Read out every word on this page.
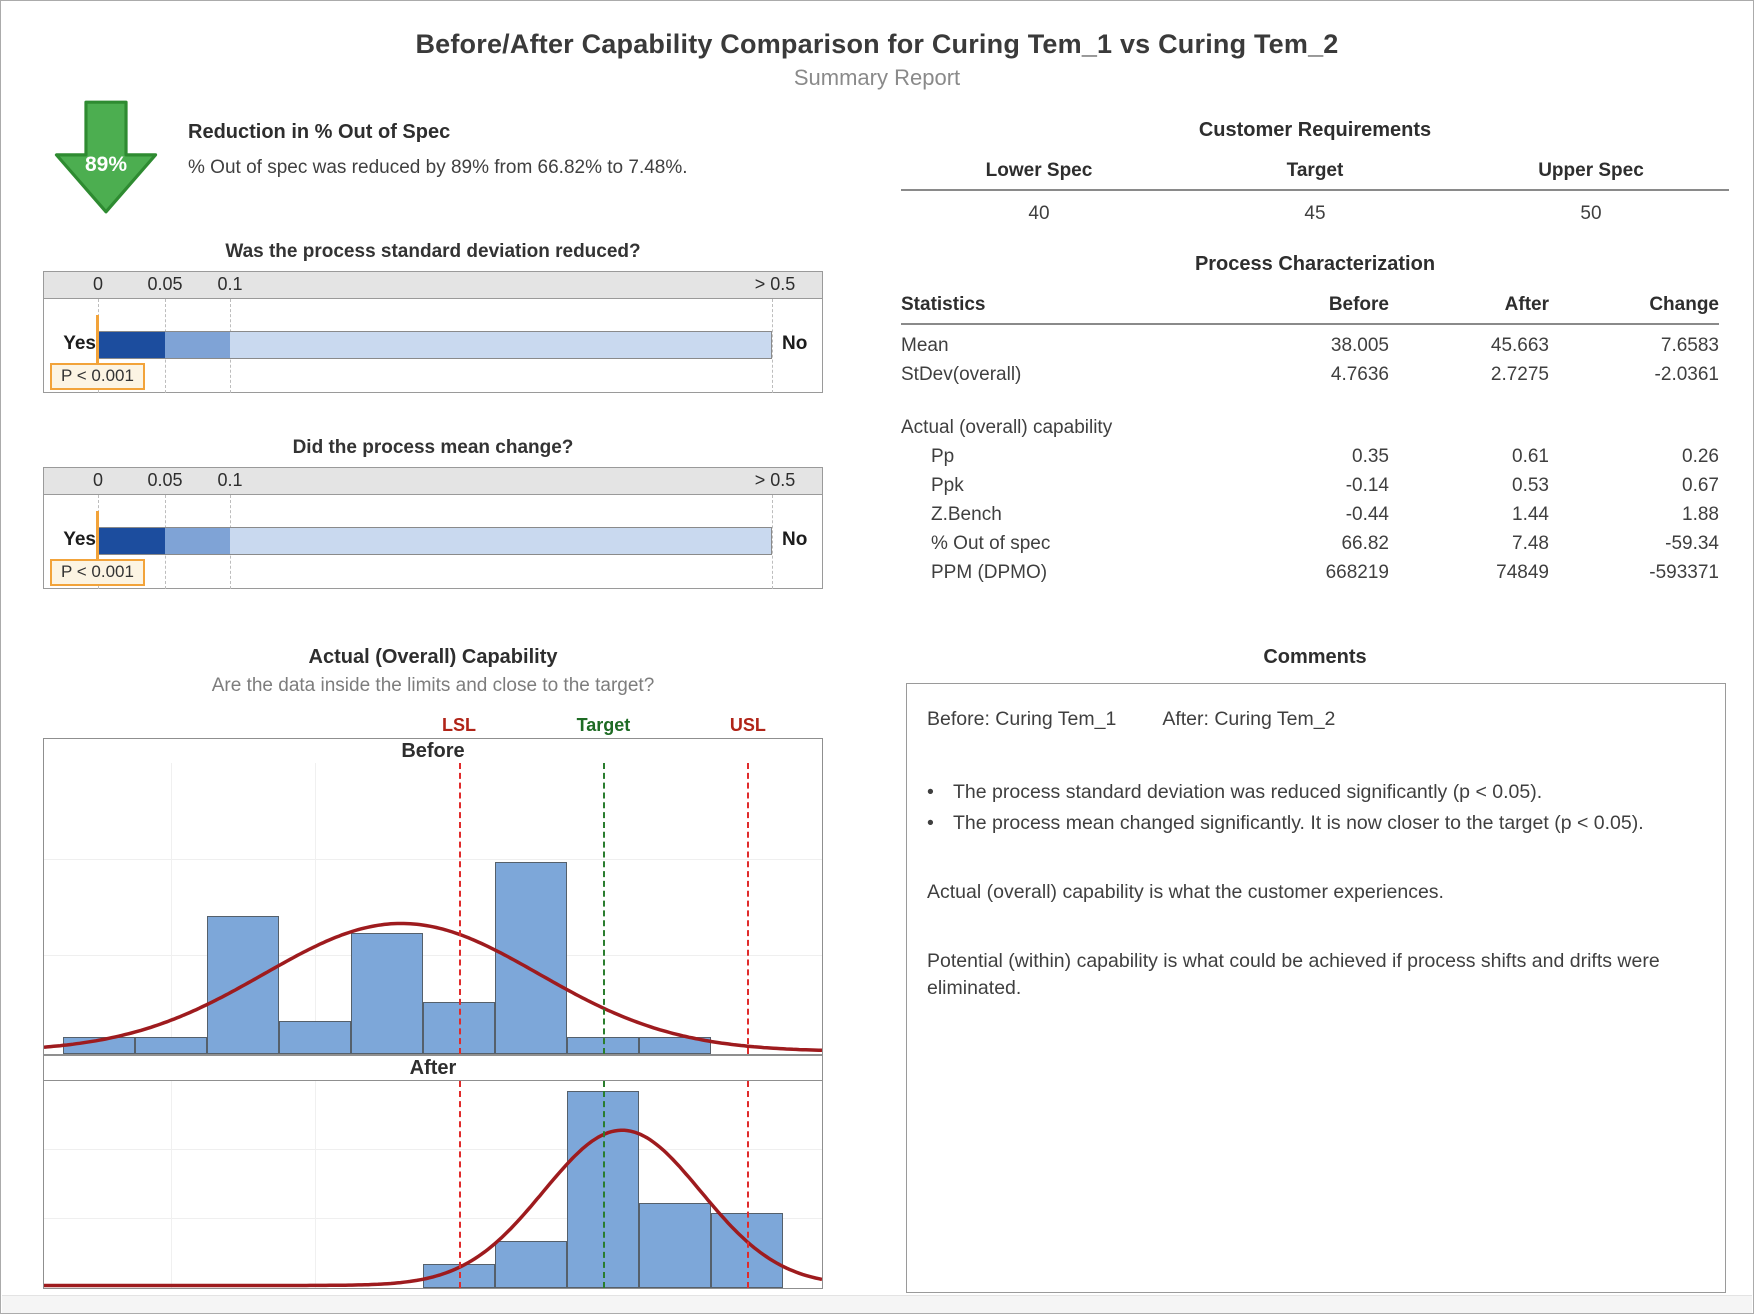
Before/After Capability Comparison for Curing Tem_1 vs Curing Tem_2
Summary Report
89%
Reduction in % Out of Spec
% Out of spec was reduced by 89% from 66.82% to 7.48%.
Was the process standard deviation reduced?
0 0.05 0.1	> 0.5
Yes	No
P < 0.001
Did the process mean change?
0 0.05 0.1	> 0.5
Yes	No
P < 0.001
Actual (Overall) Capability
Are the data inside the limits and close to the target?
LSL	Target	USL
Before
After
Customer Requirements
Lower Spec	Target	Upper Spec
40	45	50
Process Characterization
Statistics	Before	After	Change
Mean	38.005	45.663	7.6583
StDev(overall)	4.7636	2.7275	-2.0361
Actual (overall) capability
Pp	0.35	0.61	0.26
Ppk	-0.14	0.53	0.67
Z.Bench	-0.44	1.44	1.88
% Out of spec	66.82	7.48	-59.34
PPM (DPMO)	668219	74849	-593371
Comments
Before: Curing Tem_1 After: Curing Tem_2
• The process standard deviation was reduced significantly (p < 0.05).
• The process mean changed significantly. It is now closer to the target (p < 0.05).
Actual (overall) capability is what the customer experiences.
Potential (within) capability is what could be achieved if process shifts and drifts were eliminated.
